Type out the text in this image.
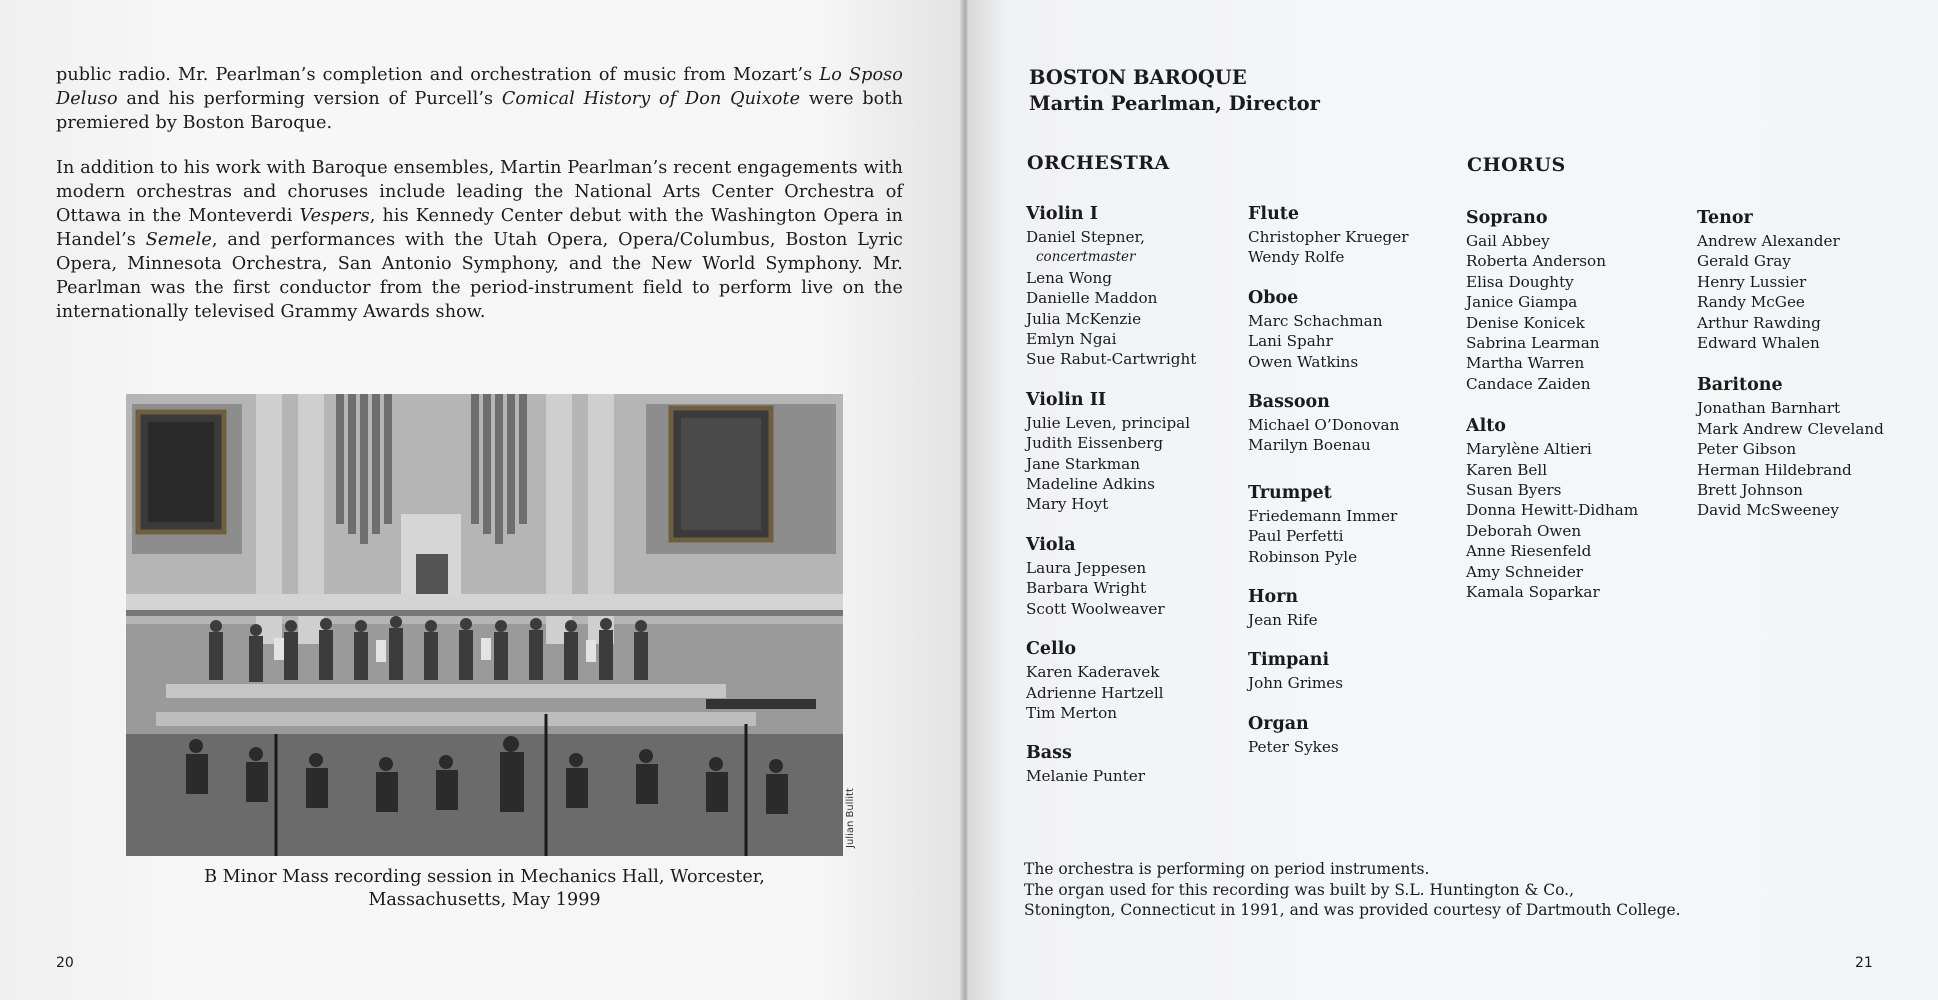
public radio. Mr. Pearlman’s completion and orchestration of music from Mozart’s Lo Sposo Deluso and his performing version of Purcell’s Comical History of Don Quixote were both premiered by Boston Baroque.

In addition to his work with Baroque ensembles, Martin Pearlman’s recent engagements with modern orchestras and choruses include leading the National Arts Center Orchestra of Ottawa in the Monteverdi Vespers, his Kennedy Center debut with the Washington Opera in Handel’s Semele, and performances with the Utah Opera, Opera/Columbus, Boston Lyric Opera, Minnesota Orchestra, San Antonio Symphony, and the New World Symphony. Mr. Pearlman was the first conductor from the period-instrument field to perform live on the internationally televised Grammy Awards show.

Julian Bullitt
B Minor Mass recording session in Mechanics Hall, Worcester,
Massachusetts, May 1999
20
BOSTON BAROQUE
Martin Pearlman, Director
ORCHESTRA	CHORUS
Violin I
Daniel Stepner,
concertmaster
Lena Wong
Danielle Maddon
Julia McKenzie
Emlyn Ngai
Sue Rabut-Cartwright
Violin II
Julie Leven, principal
Judith Eissenberg
Jane Starkman
Madeline Adkins
Mary Hoyt
Viola
Laura Jeppesen
Barbara Wright
Scott Woolweaver
Cello
Karen Kaderavek
Adrienne Hartzell
Tim Merton
Bass
Melanie Punter
Flute
Christopher Krueger
Wendy Rolfe
Oboe
Marc Schachman
Lani Spahr
Owen Watkins
Bassoon
Michael O’Donovan
Marilyn Boenau
Trumpet
Friedemann Immer
Paul Perfetti
Robinson Pyle
Horn
Jean Rife
Timpani
John Grimes
Organ
Peter Sykes
Soprano
Gail Abbey
Roberta Anderson
Elisa Doughty
Janice Giampa
Denise Konicek
Sabrina Learman
Martha Warren
Candace Zaiden
Alto
Marylène Altieri
Karen Bell
Susan Byers
Donna Hewitt-Didham
Deborah Owen
Anne Riesenfeld
Amy Schneider
Kamala Soparkar
Tenor
Andrew Alexander
Gerald Gray
Henry Lussier
Randy McGee
Arthur Rawding
Edward Whalen
Baritone
Jonathan Barnhart
Mark Andrew Cleveland
Peter Gibson
Herman Hildebrand
Brett Johnson
David McSweeney
The orchestra is performing on period instruments.
The organ used for this recording was built by S.L. Huntington & Co.,
Stonington, Connecticut in 1991, and was provided courtesy of Dartmouth College.
21
